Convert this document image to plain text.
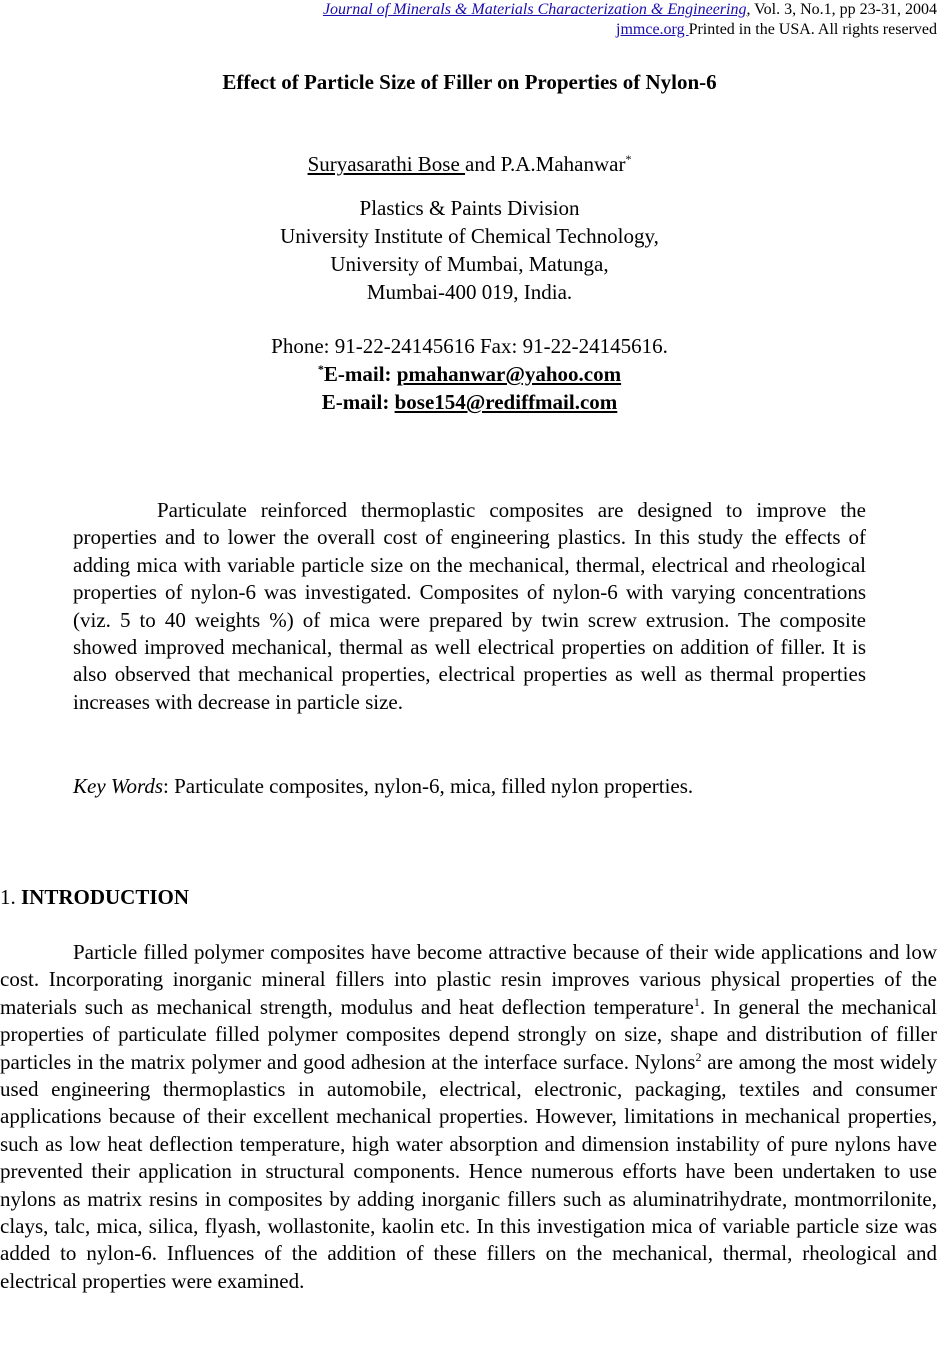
Journal of Minerals & Materials Characterization & Engineering, Vol. 3, No.1, pp 23-31, 2004
jmmce.org Printed in the USA. All rights reserved
Effect of Particle Size of Filler on Properties of Nylon-6
Suryasarathi Bose and P.A.Mahanwar*
Plastics & Paints Division
University Institute of Chemical Technology,
University of Mumbai, Matunga,
Mumbai-400 019, India.
Phone: 91-22-24145616 Fax: 91-22-24145616.
*E-mail: pmahanwar@yahoo.com
E-mail: bose154@rediffmail.com

Particulate reinforced thermoplastic composites are designed to improve the properties and to lower the overall cost of engineering plastics. In this study the effects of adding mica with variable particle size on the mechanical, thermal, electrical and rheological properties of nylon-6 was investigated. Composites of nylon-6 with varying concentrations (viz. 5 to 40 weights %) of mica were prepared by twin screw extrusion. The composite showed improved mechanical, thermal as well electrical properties on addition of filler. It is also observed that mechanical properties, electrical properties as well as thermal properties increases with decrease in particle size.

Key Words: Particulate composites, nylon-6, mica, filled nylon properties.

1. INTRODUCTION

Particle filled polymer composites have become attractive because of their wide applications and low cost. Incorporating inorganic mineral fillers into plastic resin improves various physical properties of the materials such as mechanical strength, modulus and heat deflection temperature$^1$. In general the mechanical properties of particulate filled polymer composites depend strongly on size, shape and distribution of filler particles in the matrix polymer and good adhesion at the interface surface. Nylons$^2$ are among the most widely used engineering thermoplastics in automobile, electrical, electronic, packaging, textiles and consumer applications because of their excellent mechanical properties. However, limitations in mechanical properties, such as low heat deflection temperature, high water absorption and dimension instability of pure nylons have prevented their application in structural components. Hence numerous efforts have been undertaken to use nylons as matrix resins in composites by adding inorganic fillers such as aluminatrihydrate, montmorrilonite, clays, talc, mica, silica, flyash, wollastonite, kaolin etc. In this investigation mica of variable particle size was added to nylon-6. Influences of the addition of these fillers on the mechanical, thermal, rheological and electrical properties were examined.
